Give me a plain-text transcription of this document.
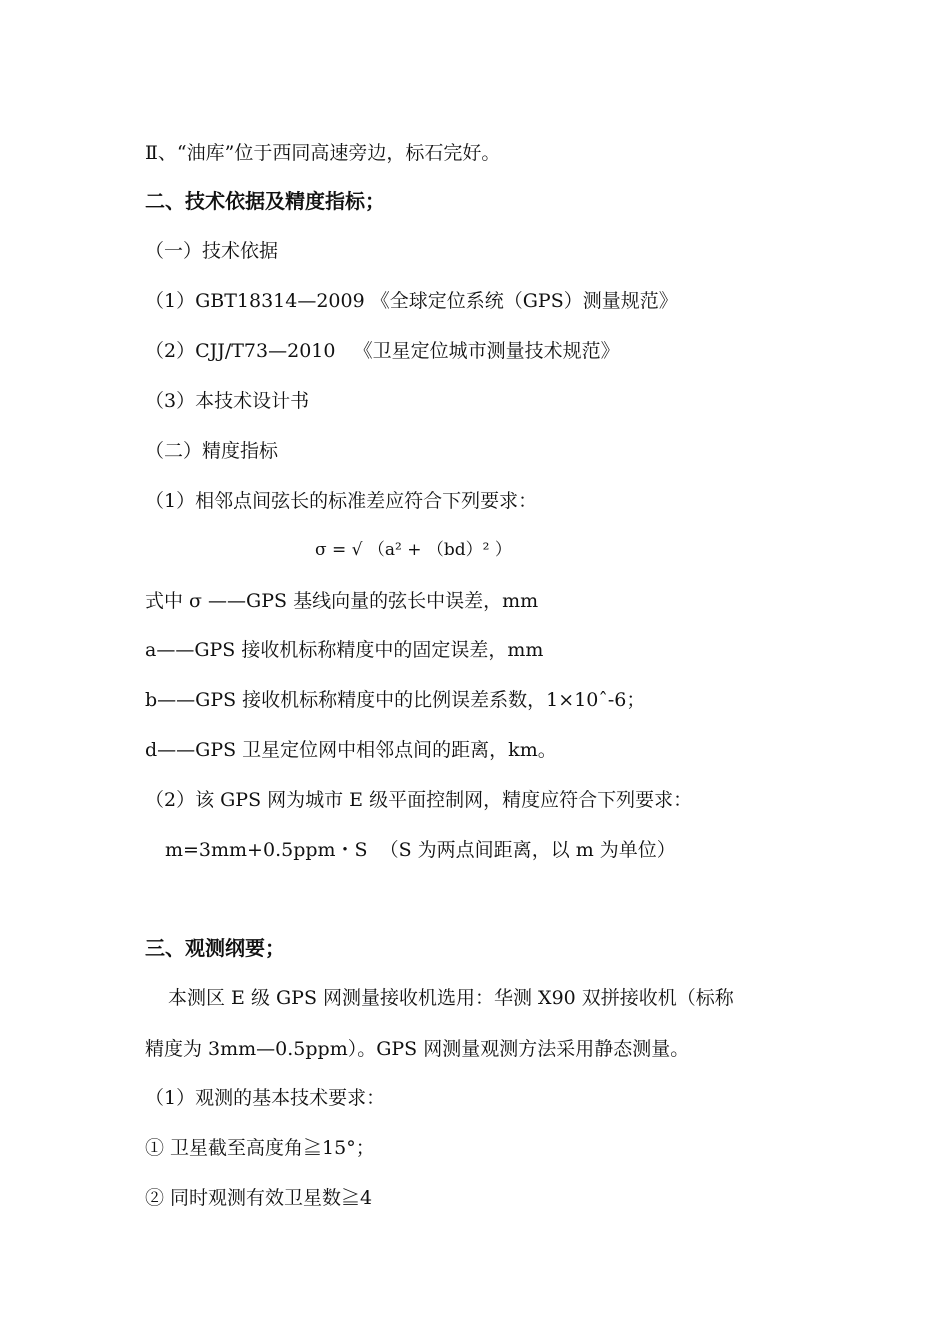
Ⅱ、“油库”位于西同高速旁边，标石完好。
二、技术依据及精度指标；
（一）技术依据
（1）GBT18314—2009 《全球定位系统（GPS）测量规范》
（2）CJJ/T73—2010   《卫星定位城市测量技术规范》
（3）本技术设计书
（二）精度指标
（1）相邻点间弦长的标准差应符合下列要求：
σ = √ （a² + （bd）² ）
式中 σ ——GPS 基线向量的弦长中误差，mm
a——GPS 接收机标称精度中的固定误差，mm
b——GPS 接收机标称精度中的比例误差系数，1×10ˆ-6；
d——GPS 卫星定位网中相邻点间的距离，km。
（2）该 GPS 网为城市 E 级平面控制网，精度应符合下列要求：
m=3mm+0.5ppm・S  （S 为两点间距离，以 m 为单位）
三、观测纲要；
本测区 E 级 GPS 网测量接收机选用：华测 X90 双拼接收机（标称
精度为 3mm—0.5ppm）。GPS 网测量观测方法采用静态测量。
（1）观测的基本技术要求：
① 卫星截至高度角≧15°；
② 同时观测有效卫星数≧4
